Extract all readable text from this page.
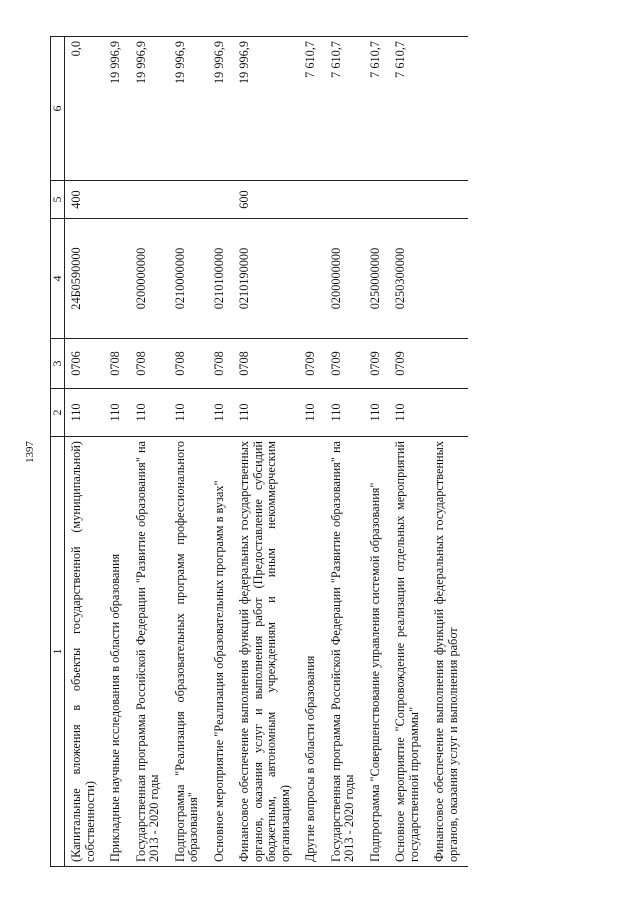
1397
1	2	3	4	5	6
(Капитальные вложения в объекты государственной (муниципальной) собственности)	110	0706	24Б0590000	400	0,0
Прикладные научные исследования в области образования	110	0708			19 996,9
Государственная программа Российской Федерации "Развитие образования" на 2013 - 2020 годы	110	0708	0200000000		19 996,9
Подпрограмма "Реализация образовательных программ профессионального образования"	110	0708	0210000000		19 996,9
Основное мероприятие "Реализация образовательных программ в вузах"	110	0708	0210100000		19 996,9
Финансовое обеспечение выполнения функций федеральных государственных органов, оказания услуг и выполнения работ (Предоставление субсидий бюджетным, автономным учреждениям и иным некоммерческим организациям)	110	0708	0210190000	600	19 996,9
Другие вопросы в области образования	110	0709			7 610,7
Государственная программа Российской Федерации "Развитие образования" на 2013 - 2020 годы	110	0709	0200000000		7 610,7
Подпрограмма "Совершенствование управления системой образования"	110	0709	0250000000		7 610,7
Основное мероприятие "Сопровождение реализации отдельных мероприятий государственной программы"	110	0709	0250300000		7 610,7
Финансовое обеспечение выполнения функций федеральных государственных органов, оказания услуг и выполнения работ					
